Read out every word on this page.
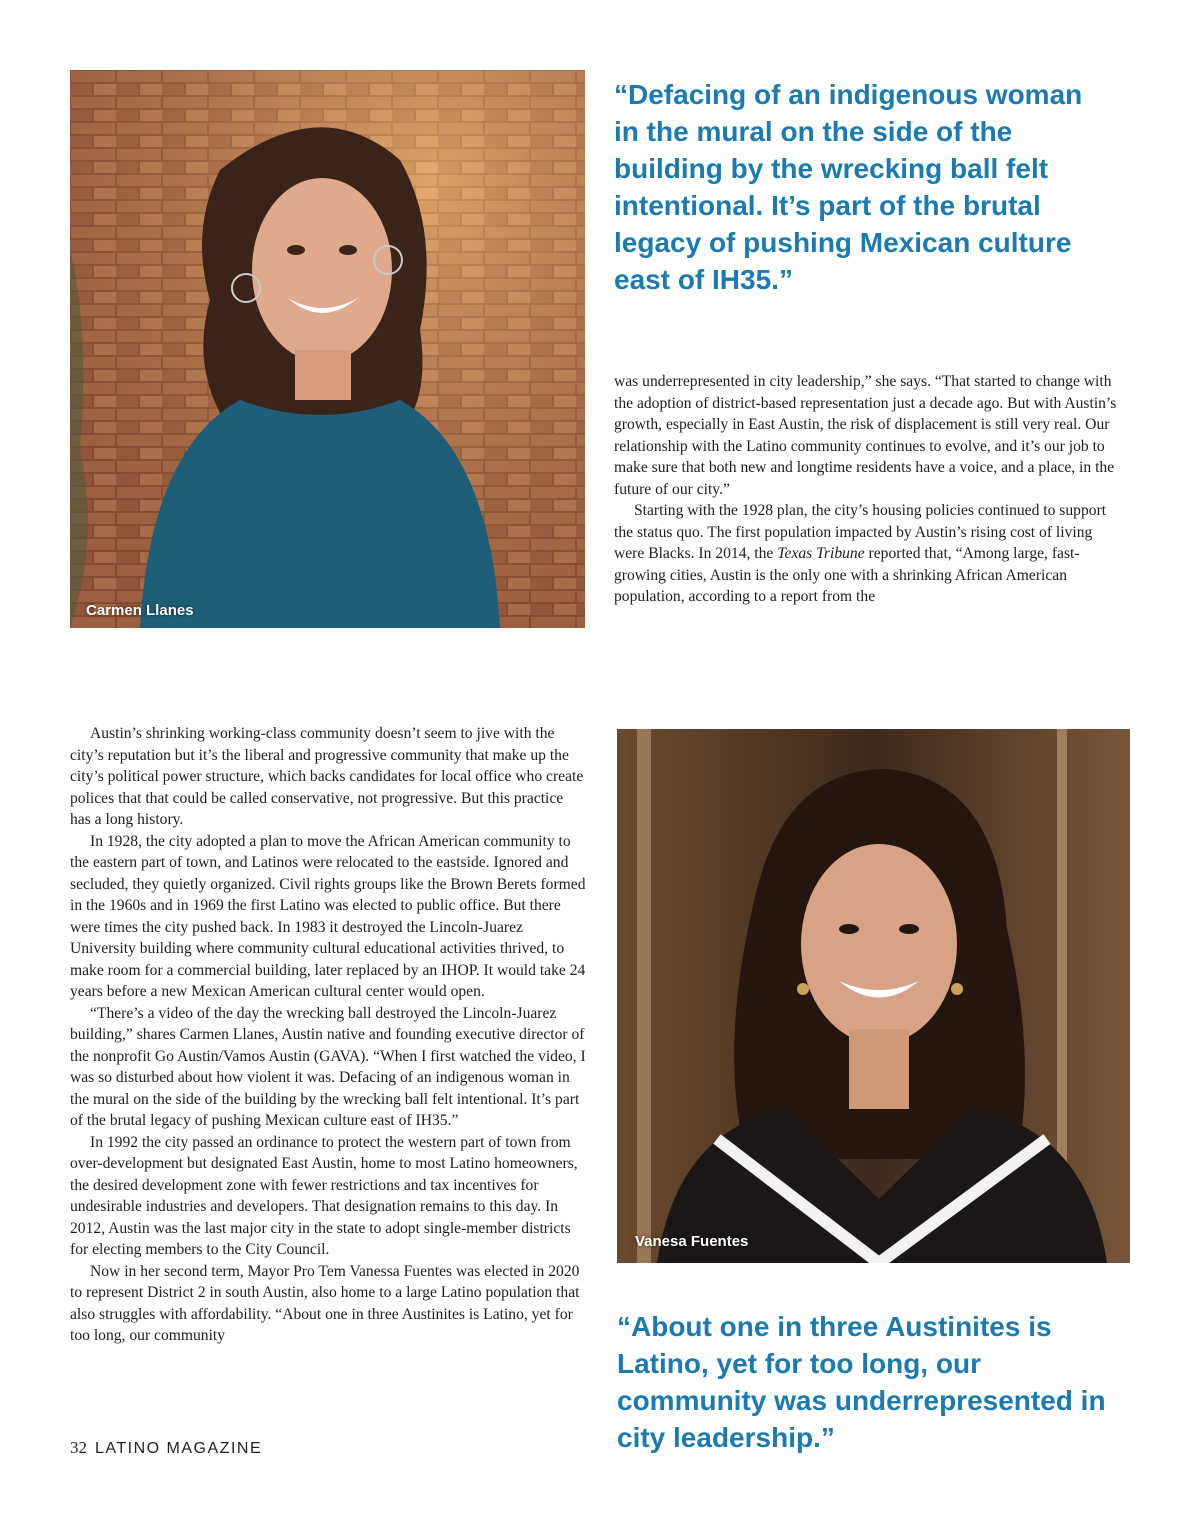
Carmen Llanes

“Defacing of an indigenous woman in the mural on the side of the building by the wrecking ball felt intentional. It’s part of the brutal legacy of pushing Mexican culture east of IH35.”

was underrepresented in city leadership,” she says. “That started to change with the adoption of district-based representation just a decade ago. But with Austin’s growth, especially in East Austin, the risk of displacement is still very real. Our relationship with the Latino community continues to evolve, and it’s our job to make sure that both new and longtime residents have a voice, and a place, in the future of our city.”

Starting with the 1928 plan, the city’s housing policies continued to support the status quo. The first population impacted by Austin’s rising cost of living were Blacks. In 2014, the Texas Tribune reported that, “Among large, fast-growing cities, Austin is the only one with a shrinking African American population, according to a report from the

Austin’s shrinking working-class community doesn’t seem to jive with the city’s reputation but it’s the liberal and progressive community that make up the city’s political power structure, which backs candidates for local office who create polices that that could be called conservative, not progressive. But this practice has a long history.

In 1928, the city adopted a plan to move the African American community to the eastern part of town, and Latinos were relocated to the eastside. Ignored and secluded, they quietly organized. Civil rights groups like the Brown Berets formed in the 1960s and in 1969 the first Latino was elected to public office. But there were times the city pushed back. In 1983 it destroyed the Lincoln-Juarez University building where community cultural educational activities thrived, to make room for a commercial building, later replaced by an IHOP. It would take 24 years before a new Mexican American cultural center would open.

“There’s a video of the day the wrecking ball destroyed the Lincoln-Juarez building,” shares Carmen Llanes, Austin native and founding executive director of the nonprofit Go Austin/Vamos Austin (GAVA). “When I first watched the video, I was so disturbed about how violent it was. Defacing of an indigenous woman in the mural on the side of the building by the wrecking ball felt intentional. It’s part of the brutal legacy of pushing Mexican culture east of IH35.”

In 1992 the city passed an ordinance to protect the western part of town from over-development but designated East Austin, home to most Latino homeowners, the desired development zone with fewer restrictions and tax incentives for undesirable industries and developers. That designation remains to this day. In 2012, Austin was the last major city in the state to adopt single-member districts for electing members to the City Council.

Now in her second term, Mayor Pro Tem Vanessa Fuentes was elected in 2020 to represent District 2 in south Austin, also home to a large Latino population that also struggles with affordability. “About one in three Austinites is Latino, yet for too long, our community

Vanesa Fuentes

“About one in three Austinites is Latino, yet for too long, our community was underrepresented in city leadership.”

32 LATINO MAGAZINE
